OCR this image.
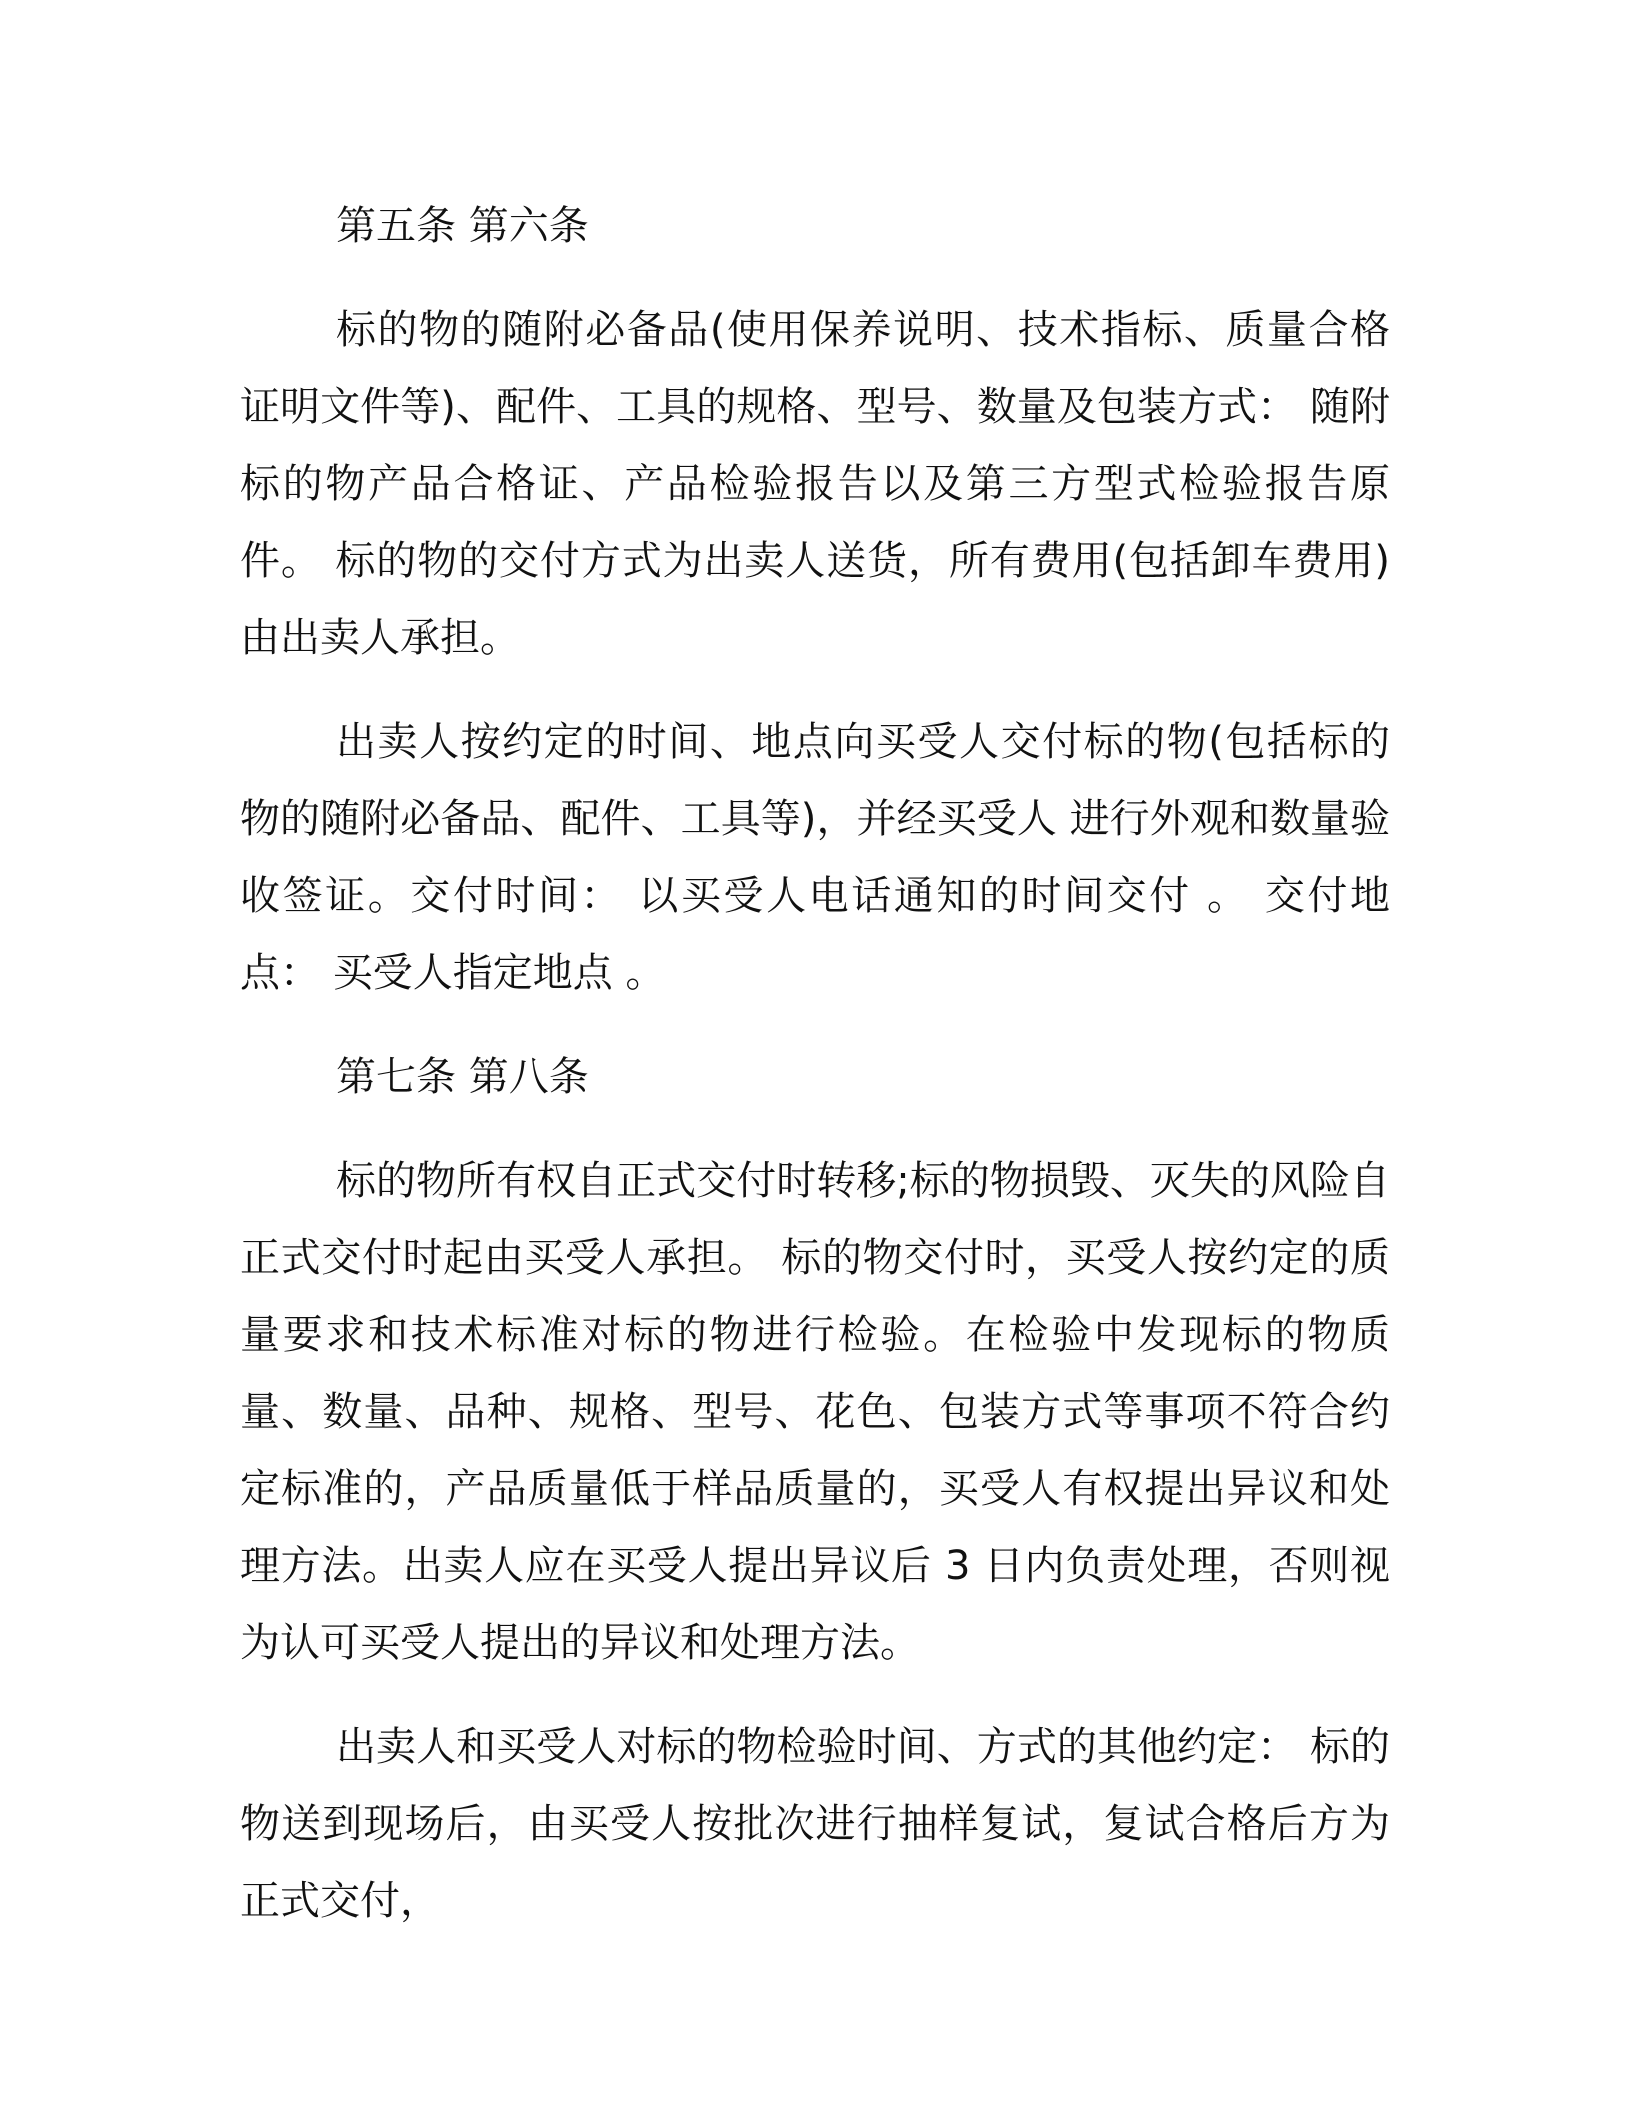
第五条 第六条

标的物的随附必备品(使用保养说明、技术指标、质量合格证明文件等)、配件、工具的规格、型号、数量及包装方式： 随附标的物产品合格证、产品检验报告以及第三方型式检验报告原件。 标的物的交付方式为出卖人送货，所有费用(包括卸车费用)由出卖人承担。

出卖人按约定的时间、地点向买受人交付标的物(包括标的物的随附必备品、配件、工具等)，并经买受人 进行外观和数量验收签证。交付时间： 以买受人电话通知的时间交付 。 交付地点： 买受人指定地点 。

第七条 第八条

标的物所有权自正式交付时转移;标的物损毁、灭失的风险自正式交付时起由买受人承担。 标的物交付时，买受人按约定的质量要求和技术标准对标的物进行检验。在检验中发现标的物质量、数量、品种、规格、型号、花色、包装方式等事项不符合约定标准的，产品质量低于样品质量的，买受人有权提出异议和处理方法。出卖人应在买受人提出异议后 3 日内负责处理，否则视为认可买受人提出的异议和处理方法。

出卖人和买受人对标的物检验时间、方式的其他约定： 标的物送到现场后，由买受人按批次进行抽样复试，复试合格后方为正式交付，
